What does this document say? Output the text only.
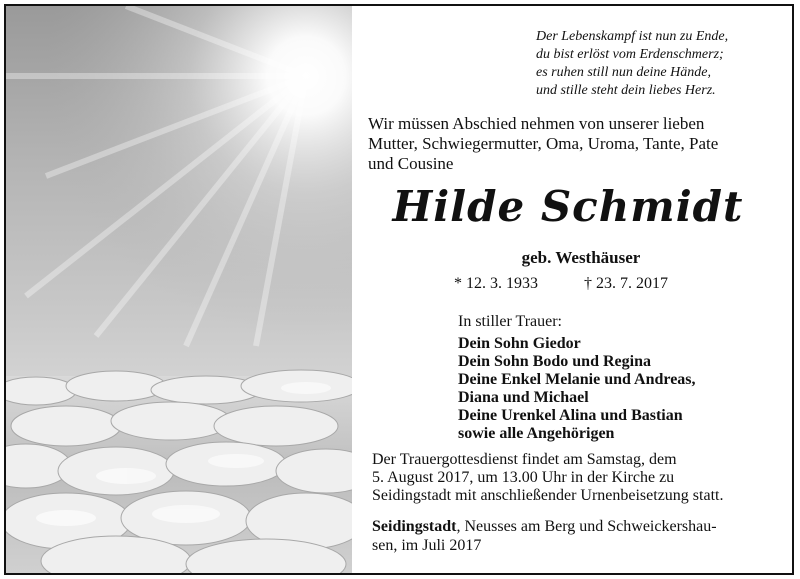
Der Lebenskampf ist nun zu Ende,
du bist erlöst vom Erdenschmerz;
es ruhen still nun deine Hände,
und stille steht dein liebes Herz.
Wir müssen Abschied nehmen von unserer lieben
Mutter, Schwiegermutter, Oma, Uroma, Tante, Pate
und Cousine
Hilde Schmidt
geb. Westhäuser
* 12. 3. 1933	† 23. 7. 2017
In stiller Trauer:
Dein Sohn Giedor
Dein Sohn Bodo und Regina
Deine Enkel Melanie und Andreas,
Diana und Michael
Deine Urenkel Alina und Bastian
sowie alle Angehörigen
Der Trauergottesdienst findet am Samstag, dem
5. August 2017, um 13.00 Uhr in der Kirche zu
Seidingstadt mit anschließender Urnenbeisetzung statt.
Seidingstadt, Neusses am Berg und Schweickershau-
sen, im Juli 2017
